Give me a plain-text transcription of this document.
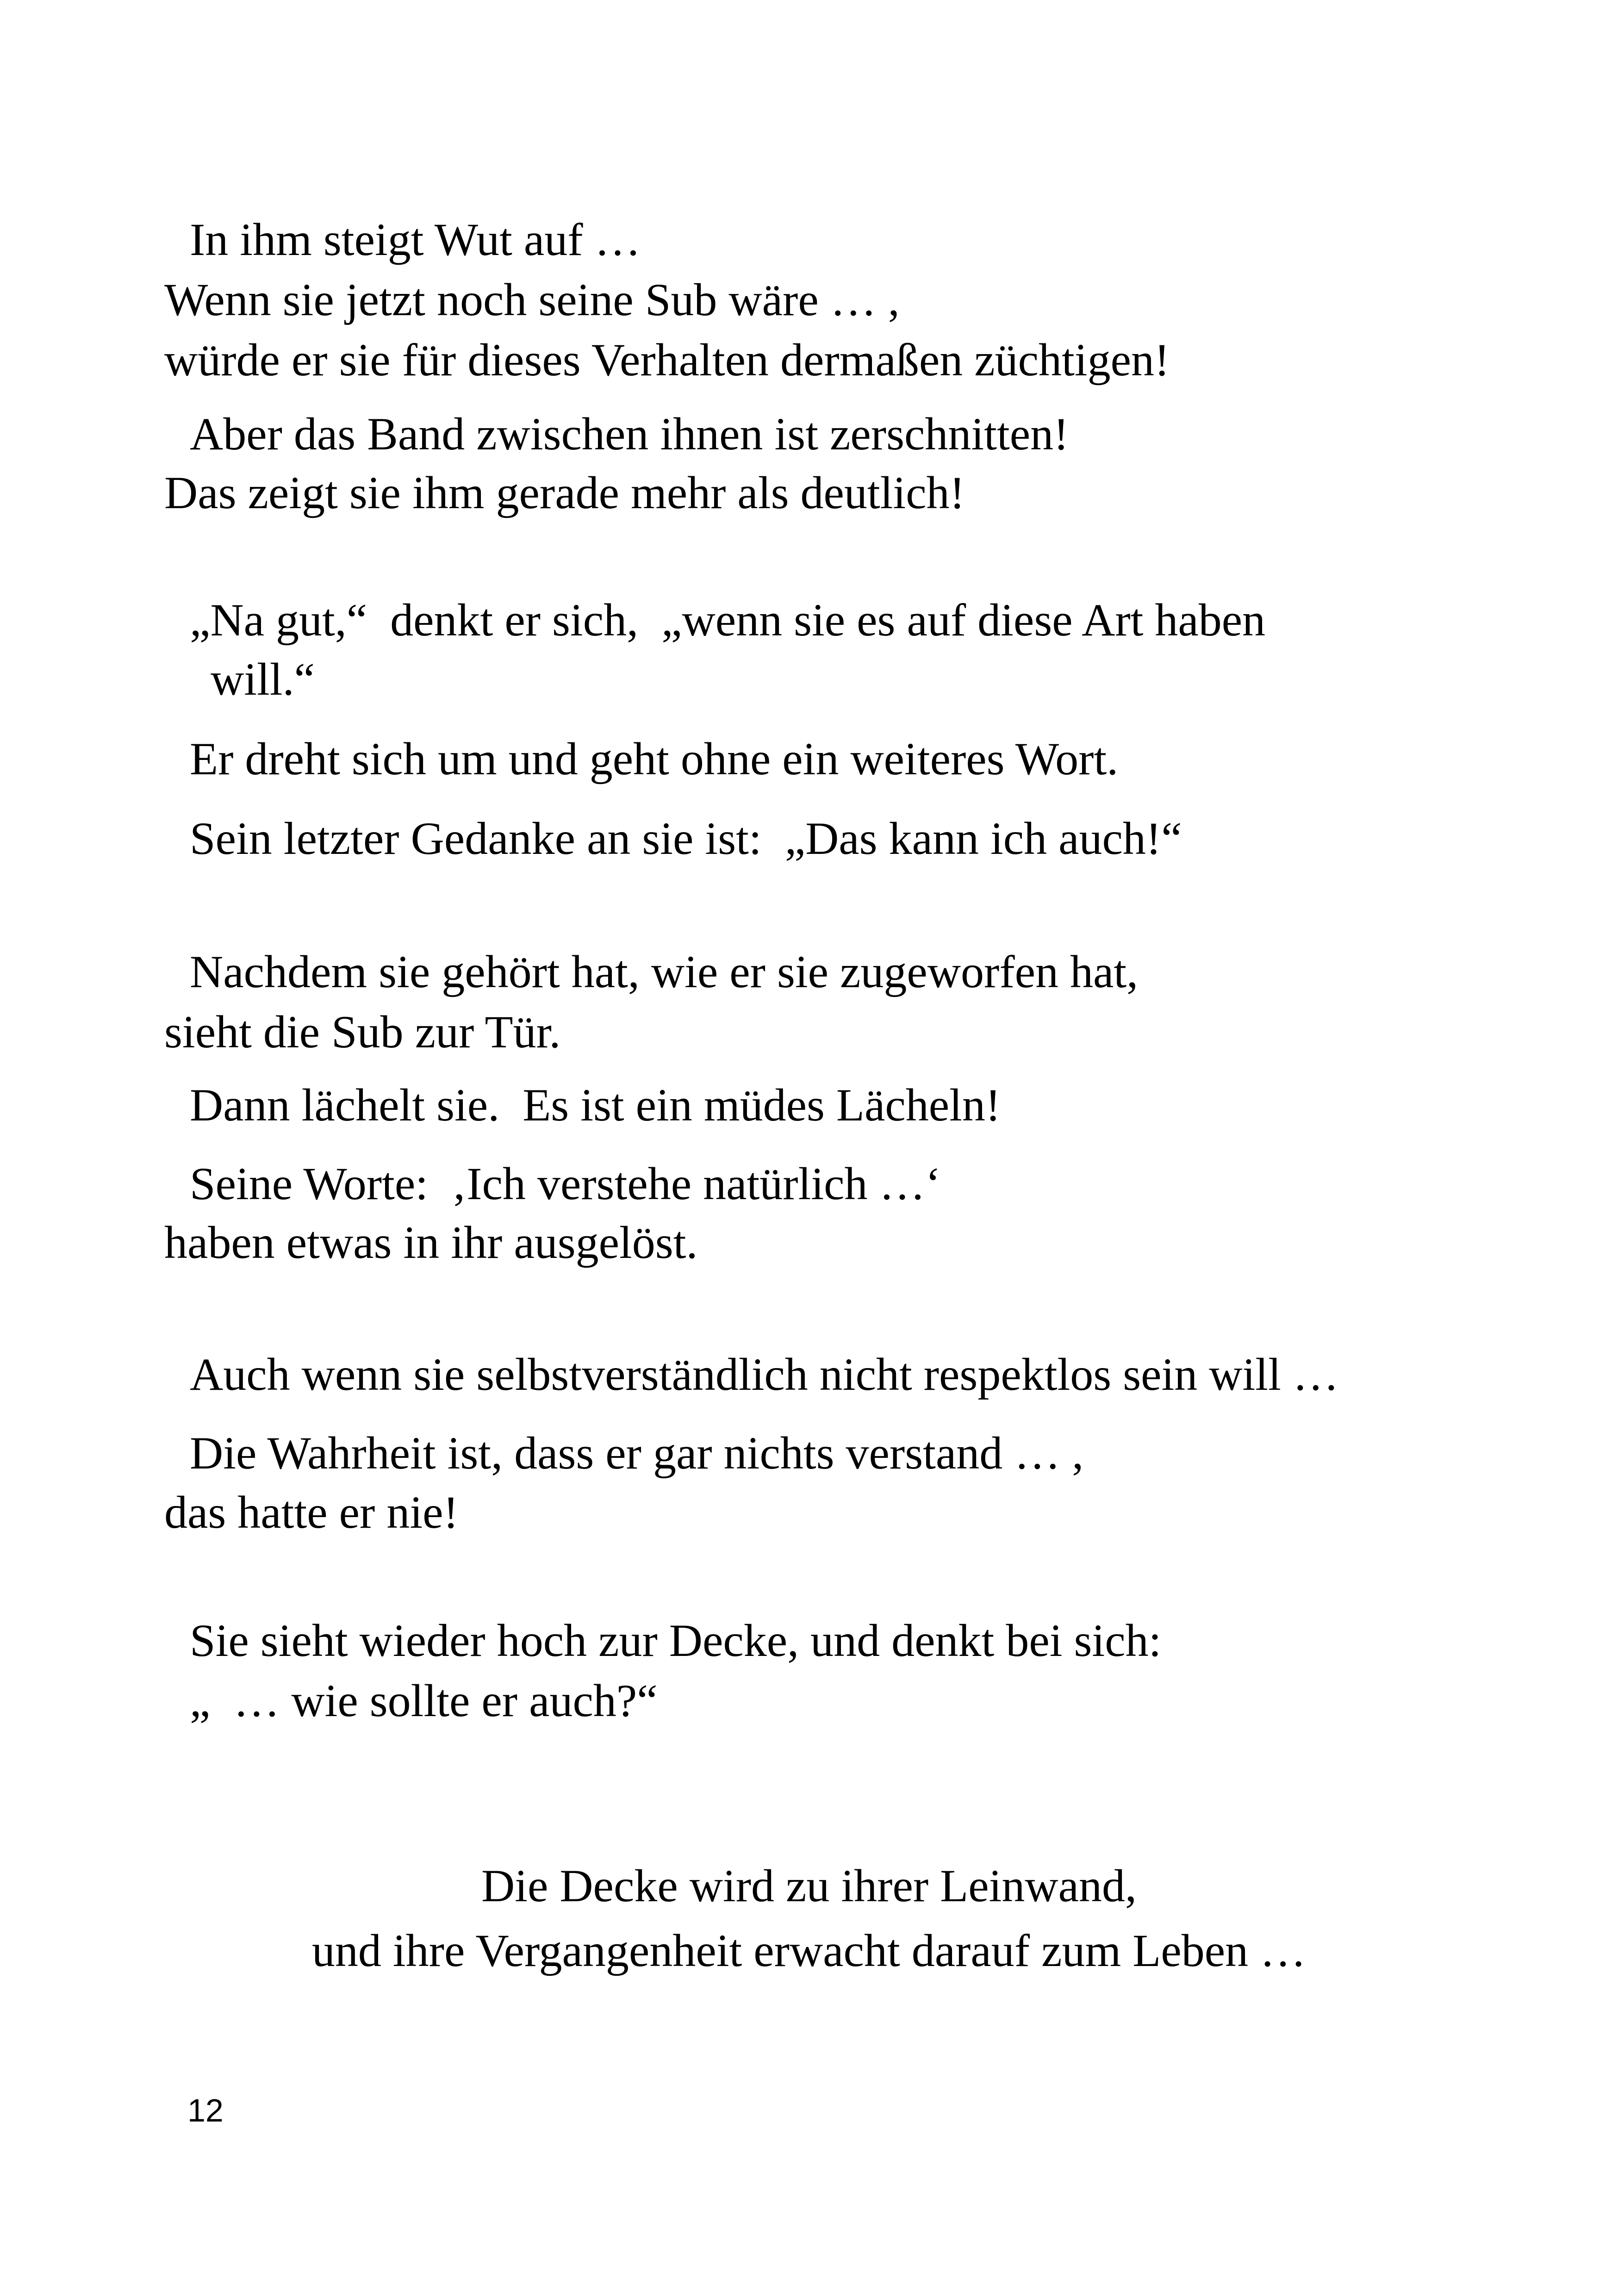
In ihm steigt Wut auf …
Wenn sie jetzt noch seine Sub wäre … ,
würde er sie für dieses Verhalten dermaßen züchtigen!
Aber das Band zwischen ihnen ist zerschnitten!
Das zeigt sie ihm gerade mehr als deutlich!
„Na gut,“  denkt er sich,  „wenn sie es auf diese Art haben
will.“
Er dreht sich um und geht ohne ein weiteres Wort.
Sein letzter Gedanke an sie ist:  „Das kann ich auch!“
Nachdem sie gehört hat, wie er sie zugeworfen hat,
sieht die Sub zur Tür.
Dann lächelt sie.  Es ist ein müdes Lächeln!
Seine Worte:  ‚Ich verstehe natürlich …‘
haben etwas in ihr ausgelöst.
Auch wenn sie selbstverständlich nicht respektlos sein will …
Die Wahrheit ist, dass er gar nichts verstand … ,
das hatte er nie!
Sie sieht wieder hoch zur Decke, und denkt bei sich:
„  … wie sollte er auch?“
Die Decke wird zu ihrer Leinwand,
und ihre Vergangenheit erwacht darauf zum Leben …
12
